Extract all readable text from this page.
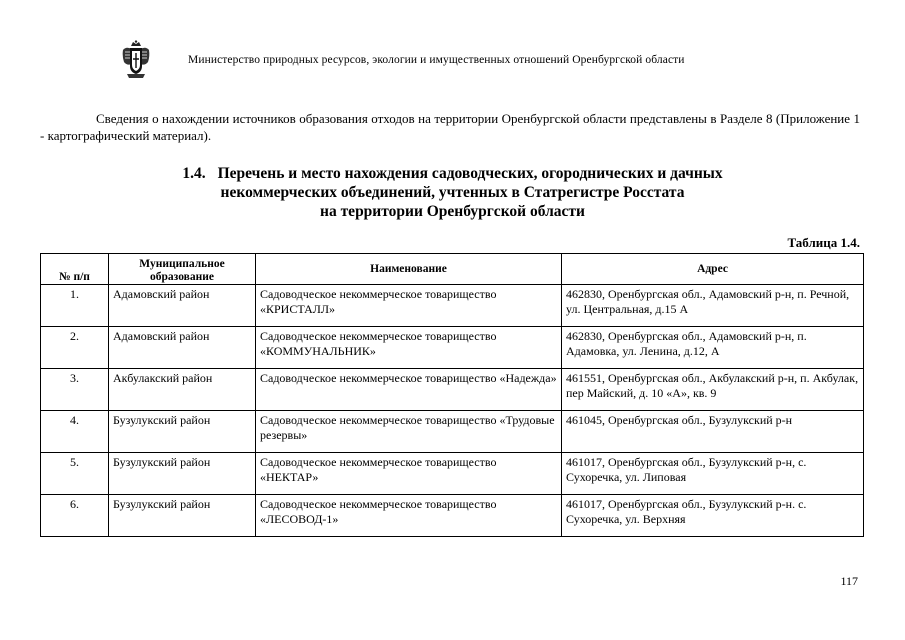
Министерство природных ресурсов, экологии и имущественных отношений Оренбургской области

Сведения о нахождении источников образования отходов на территории Оренбургской области представлены в Разделе 8 (Приложение 1 - картографический материал).

1.4. Перечень и место нахождения садоводческих, огороднических и дачных
некоммерческих объединений, учтенных в Статрегистре Росстата
на территории Оренбургской области
Таблица 1.4.
№ п/п	Муниципальное образование	Наименование	Адрес
1.	Адамовский район	Садоводческое некоммерческое товарищество «КРИСТАЛЛ»	462830, Оренбургская обл., Адамовский р-н, п. Речной, ул. Центральная, д.15 А
2.	Адамовский район	Садоводческое некоммерческое товарищество «КОММУНАЛЬНИК»	462830, Оренбургская обл., Адамовский р-н, п. Адамовка, ул. Ленина, д.12, А
3.	Акбулакский район	Садоводческое некоммерческое товарищество «Надежда»	461551, Оренбургская обл., Акбулакский р-н, п. Акбулак, пер Майский, д. 10 «А», кв. 9
4.	Бузулукский район	Садоводческое некоммерческое товарищество «Трудовые резервы»	461045, Оренбургская обл., Бузулукский р-н
5.	Бузулукский район	Садоводческое некоммерческое товарищество «НЕКТАР»	461017, Оренбургская обл., Бузулукский р-н, с. Сухоречка, ул. Липовая
6.	Бузулукский район	Садоводческое некоммерческое товарищество «ЛЕСОВОД-1»	461017, Оренбургская обл., Бузулукский р-н. с. Сухоречка, ул. Верхняя
117
